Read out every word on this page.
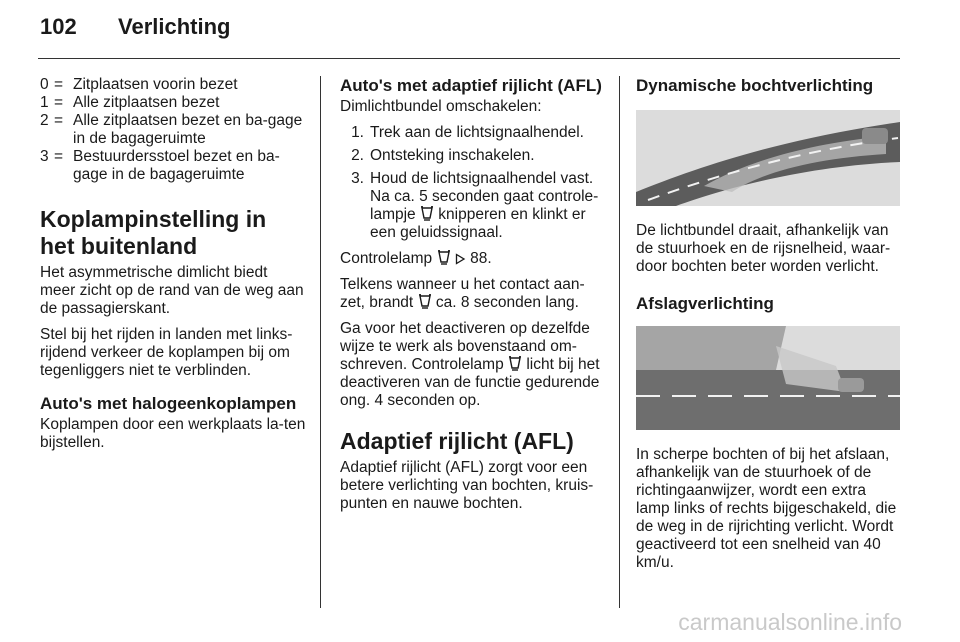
102 Verlichting
0 = Zitplaatsen voorin bezet
1 = Alle zitplaatsen bezet
2 = Alle zitplaatsen bezet en ba-gage in de bagageruimte
3 = Bestuurdersstoel bezet en ba-gage in de bagageruimte
Koplampinstelling in het buitenland

Het asymmetrische dimlicht biedt meer zicht op de rand van de weg aan de passagierskant.

Stel bij het rijden in landen met links-rijdend verkeer de koplampen bij om tegenliggers niet te verblinden.

Auto's met halogeenkoplampen

Koplampen door een werkplaats la-ten bijstellen.

Auto's met adaptief rijlicht (AFL)

Dimlichtbundel omschakelen:

1. Trek aan de lichtsignaalhendel.
2. Ontsteking inschakelen.
3. Houd de lichtsignaalhendel vast. Na ca. 5 seconden gaat controle-lampje knipperen en klinkt er een geluidssignaal.

Controlelamp 88.

Telkens wanneer u het contact aan-zet, brandt ca. 8 seconden lang.

Ga voor het deactiveren op dezelfde wijze te werk als bovenstaand om-schreven. Controlelamp licht bij het deactiveren van de functie gedurende ong. 4 seconden op.

Adaptief rijlicht (AFL)

Adaptief rijlicht (AFL) zorgt voor een betere verlichting van bochten, kruis-punten en nauwe bochten.

Dynamische bochtverlichting

De lichtbundel draait, afhankelijk van de stuurhoek en de rijsnelheid, waar-door bochten beter worden verlicht.

Afslagverlichting

In scherpe bochten of bij het afslaan, afhankelijk van de stuurhoek of de richtingaanwijzer, wordt een extra lamp links of rechts bijgeschakeld, die de weg in de rijrichting verlicht. Wordt geactiveerd tot een snelheid van 40 km/u.

carmanualsonline.info
